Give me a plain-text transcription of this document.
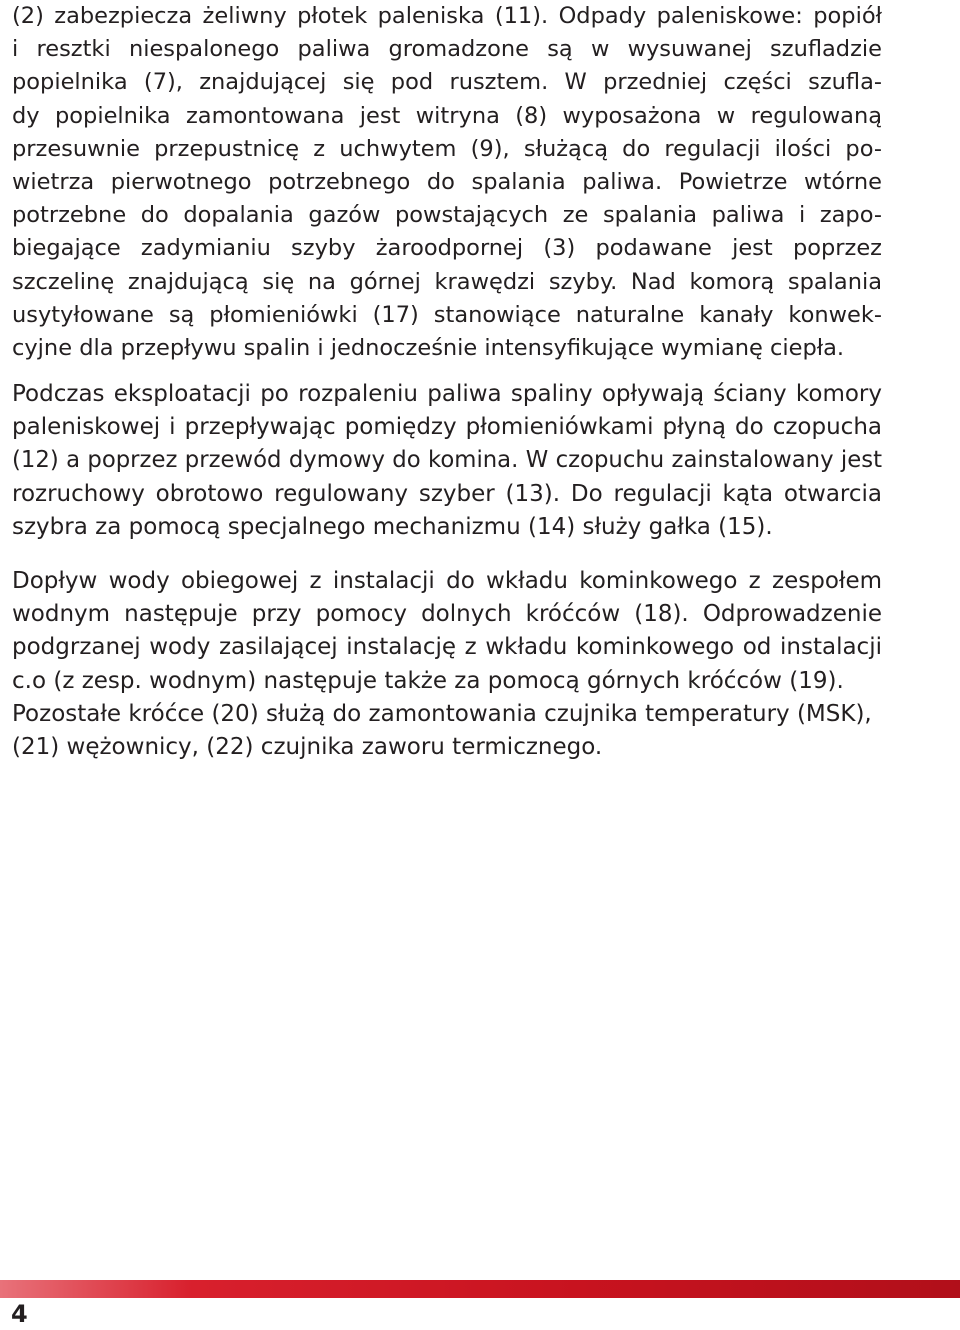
(2) zabezpiecza żeliwny płotek paleniska (11). Odpady paleniskowe: popiół
i resztki niespalonego paliwa gromadzone są w wysuwanej szufladzie
popielnika (7), znajdującej się pod rusztem. W przedniej części szufla-
dy popielnika zamontowana jest witryna (8) wyposażona w regulowaną
przesuwnie przepustnicę z uchwytem (9), służącą do regulacji ilości po-
wietrza pierwotnego potrzebnego do spalania paliwa. Powietrze wtórne
potrzebne do dopalania gazów powstających ze spalania paliwa i zapo-
biegające zadymianiu szyby żaroodpornej (3) podawane jest poprzez
szczelinę znajdującą się na górnej krawędzi szyby. Nad komorą spalania
usytyłowane są płomieniówki (17) stanowiące naturalne kanały konwek-
cyjne dla przepływu spalin i jednocześnie intensyfikujące wymianę ciepła.

Podczas eksploatacji po rozpaleniu paliwa spaliny opływają ściany komory
paleniskowej i przepływając pomiędzy płomieniówkami płyną do czopucha
(12) a poprzez przewód dymowy do komina. W czopuchu zainstalowany jest
rozruchowy obrotowo regulowany szyber (13). Do regulacji kąta otwarcia
szybra za pomocą specjalnego mechanizmu (14) służy gałka (15).

Dopływ wody obiegowej z instalacji do wkładu kominkowego z zespołem
wodnym następuje przy pomocy dolnych króćców (18). Odprowadzenie
podgrzanej wody zasilającej instalację z wkładu kominkowego od instalacji
c.o (z zesp. wodnym) następuje także za pomocą górnych króćców (19).
Pozostałe króćce (20) służą do zamontowania czujnika temperatury (MSK),
(21) wężownicy, (22) czujnika zaworu termicznego.

4
